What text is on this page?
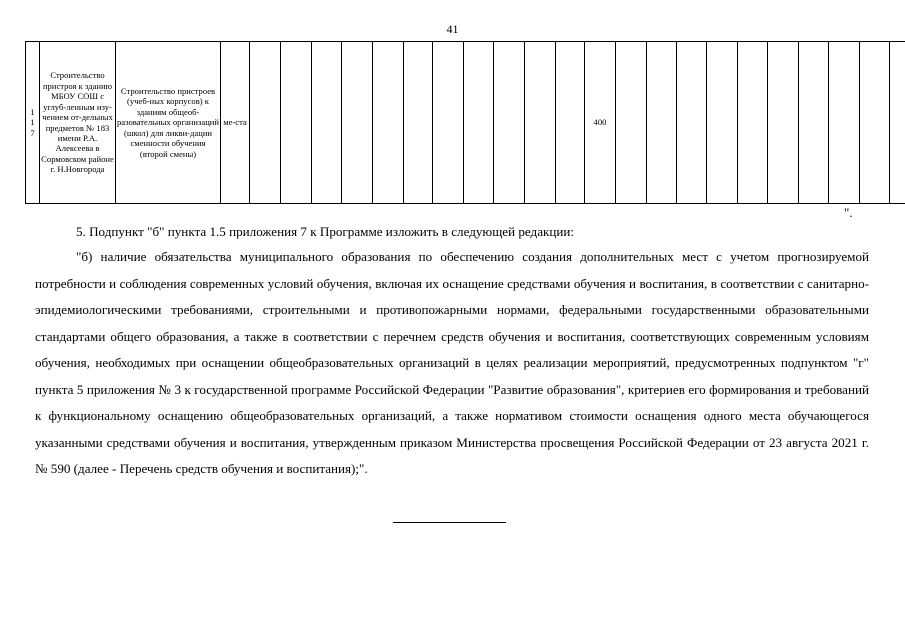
41
1
1
7
	Строительство пристроя к зданию МБОУ СОШ с углуб-ленным изу-чением от-дельных предметов № 183 имени Р.А. Алексеева в Сормовском районе г. Н.Новгорода	Строительство пристроев (учеб-ных корпусов) к зданиям общеоб-разовательных организаций (школ) для ликви-дации сменности обучения (второй смены)	ме-ста												400										
".
5. Подпункт "б" пункта 1.5 приложения 7 к Программе изложить в следующей редакции:
"б) наличие обязательства муниципального образования по обеспечению создания дополнительных мест с учетом прогнозируемой потребности и соблюдения современных условий обучения, включая их оснащение средствами обучения и воспитания, в соответствии с санитарно-эпидемиологическими требованиями, строительными и противопожарными нормами, федеральными государственными образовательными стандартами общего образования, а также в соответствии с перечнем средств обучения и воспитания, соответствующих современным условиям обучения, необходимых при оснащении общеобразовательных организаций в целях реализации мероприятий, предусмотренных подпунктом "г" пункта 5 приложения № 3 к государственной программе Российской Федерации "Развитие образования", критериев его формирования и требований к функциональному оснащению общеобразовательных организаций, а также нормативом стоимости оснащения одного места обучающегося указанными средствами обучения и воспитания, утвержденным приказом Министерства просвещения Российской Федерации от 23 августа 2021 г. № 590 (далее - Перечень средств обучения и воспитания);".
